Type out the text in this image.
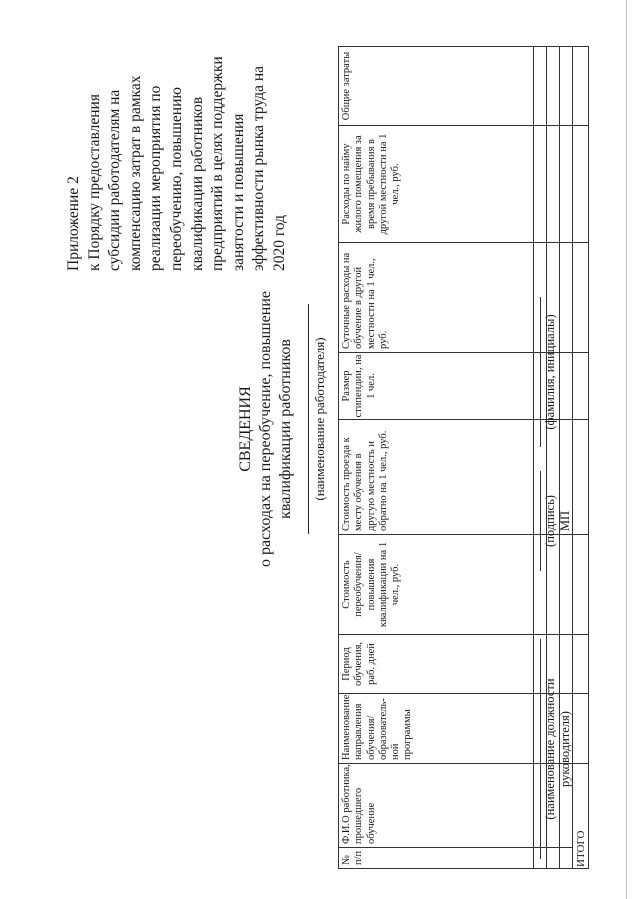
Приложение 2 к Порядку предоставления субсидии работодателям на компенсацию затрат в рамках реализации мероприятия по переобучению, повышению квалификации работников предприятий в целях поддержки занятости и повышения эффективности рынка труда на 2020 год
СВЕДЕНИЯ о расходах на переобучение, повышение квалификации работников (наименование работодателя)
№ п/п	Ф.И.О работника, прошедшего обучение	Наименование направления обучения/ образователь-ной программы	Период обучения, раб. дней	Стоимость переобучения/ повышения квалификации на 1 чел., руб.	Стоимость проезда к месту обучения в другую местность и обратно на 1 чел., руб.	Размер стипендии, на 1 чел.	Суточные расходы на обучение в другой местности на 1 чел., руб.	Расходы по найму жилого помещения за время пребывания в другой местности на 1 чел., руб.	Общие затраты

ИТОГО									
(наименование должности руководителя)
(подпись) МП
(фамилия, инициалы)
